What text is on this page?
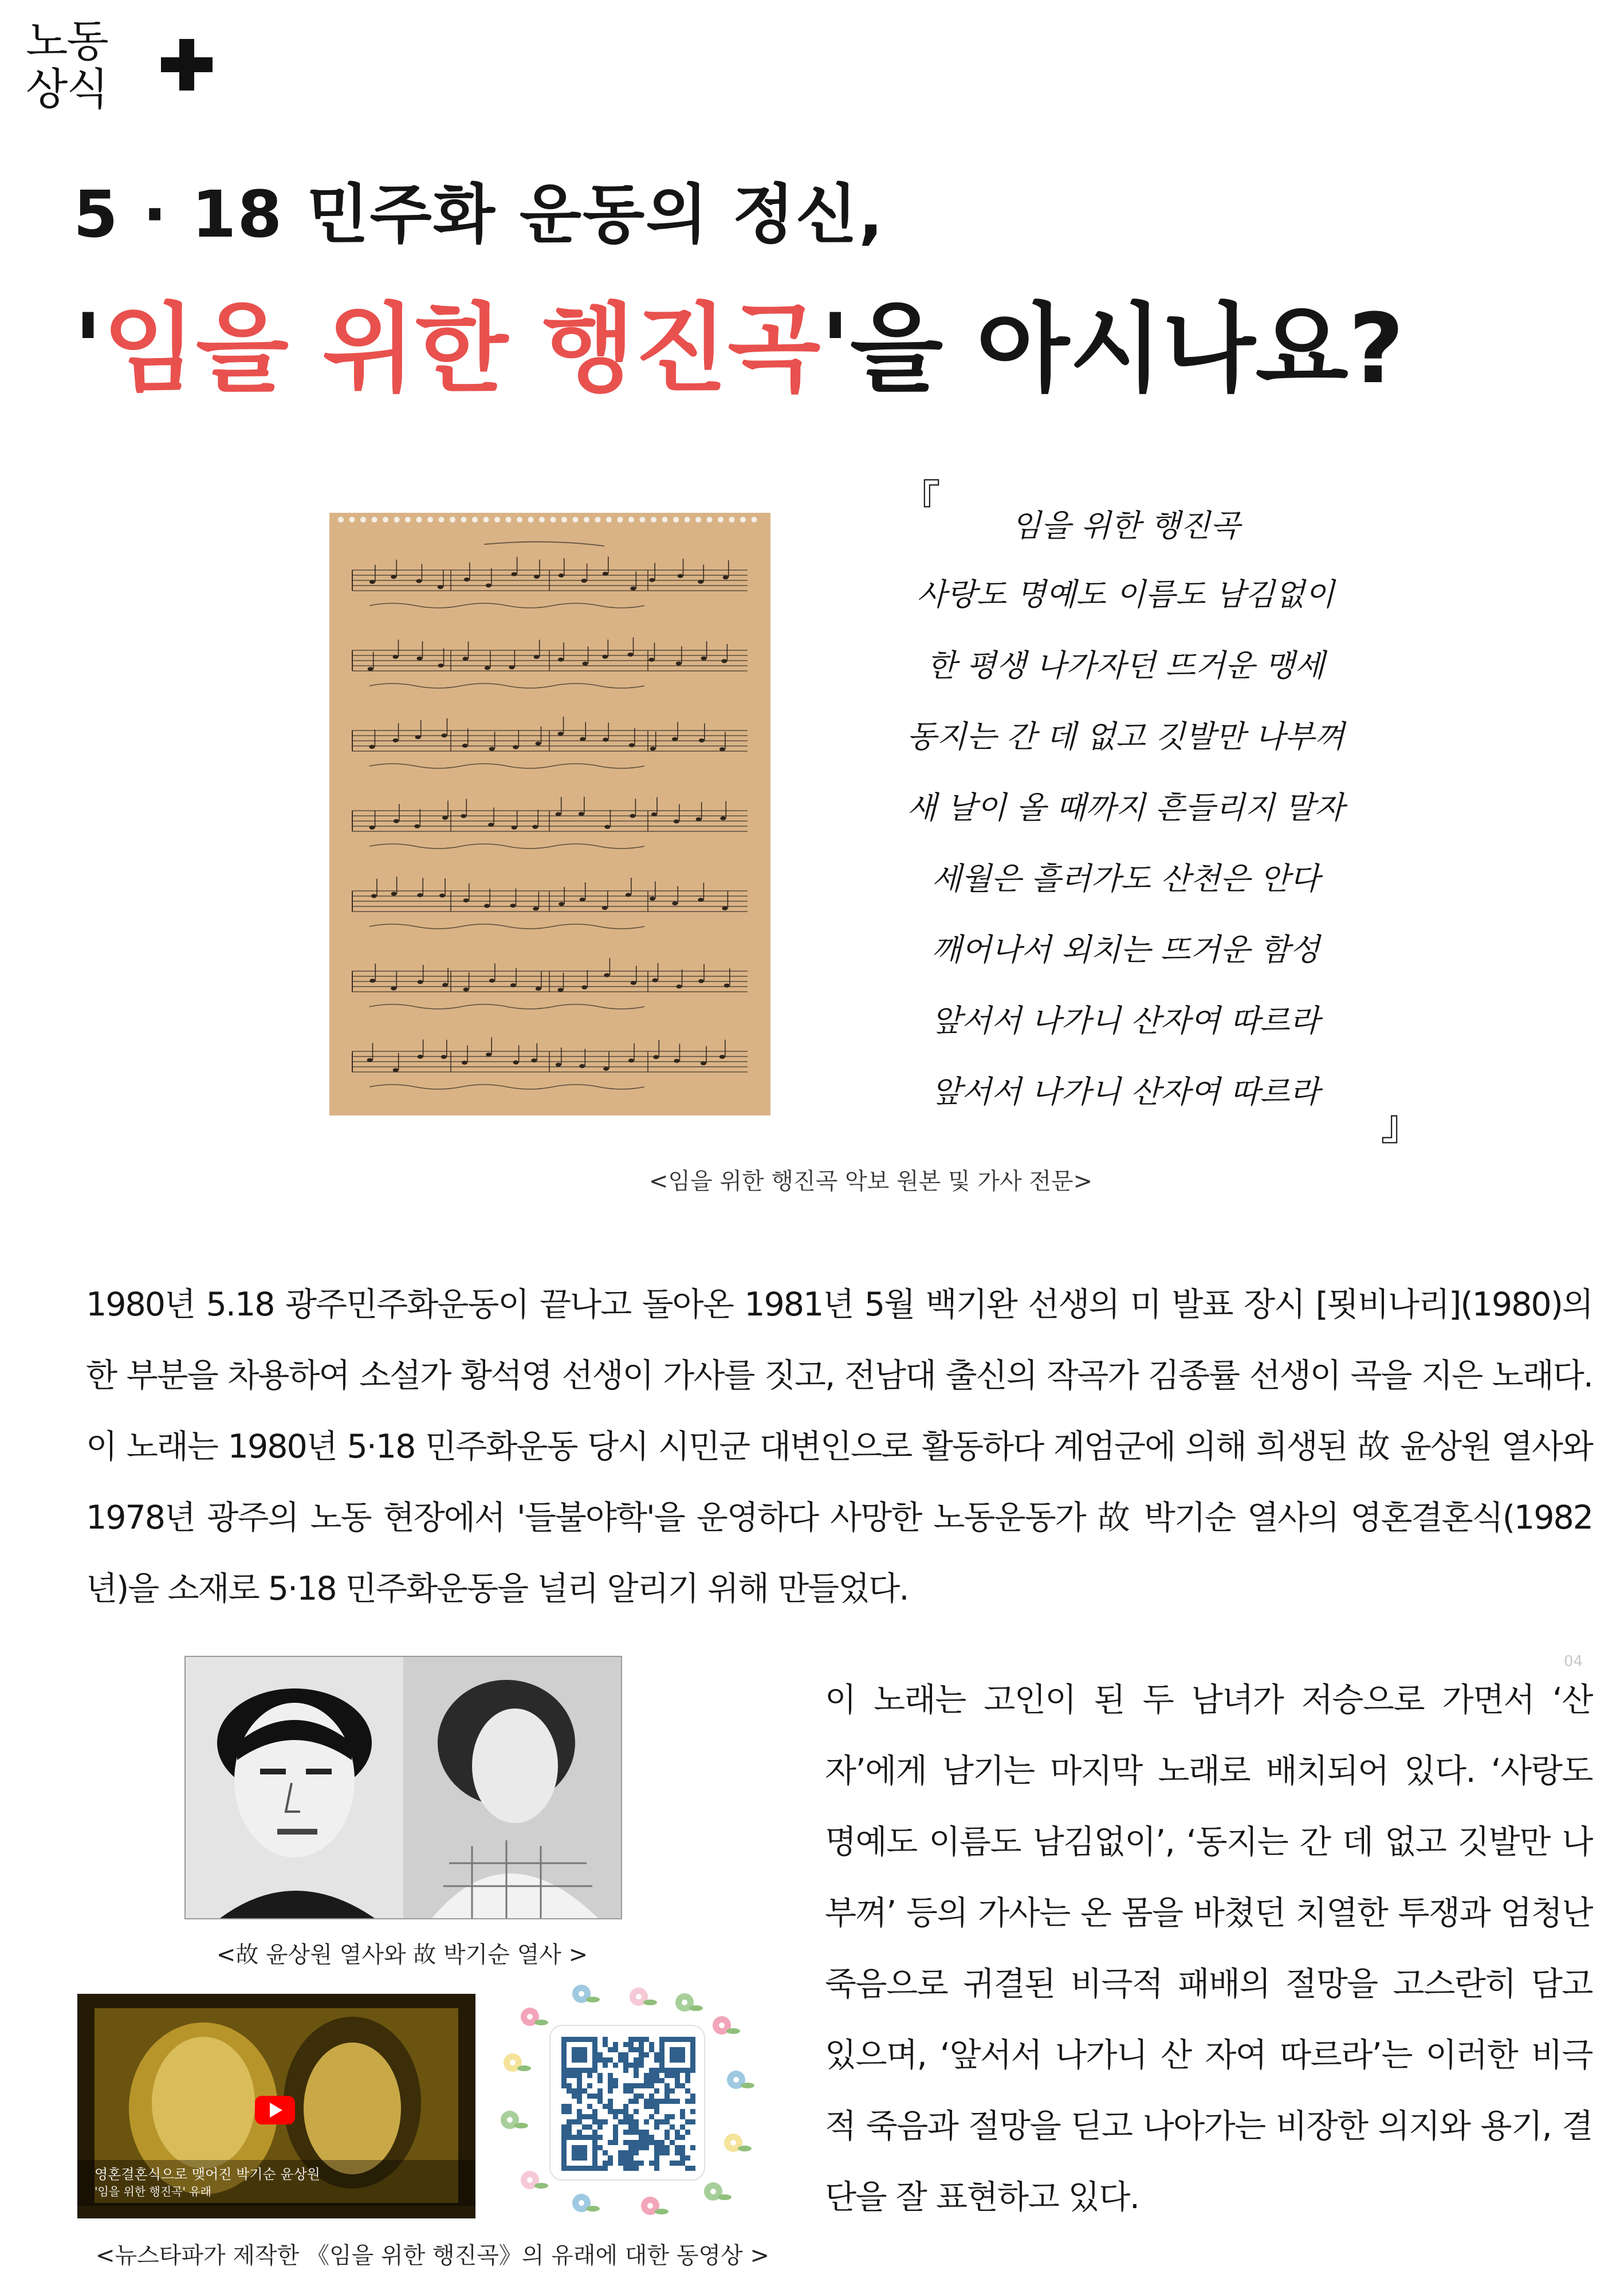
노동
상식
5 · 18 민주화 운동의 정신,
'임을 위한 행진곡'을 아시나요?
『
임을 위한 행진곡
사랑도 명예도 이름도 남김없이
한 평생 나가자던 뜨거운 맹세
동지는 간 데 없고 깃발만 나부껴
새 날이 올 때까지 흔들리지 말자
세월은 흘러가도 산천은 안다
깨어나서 외치는 뜨거운 함성
앞서서 나가니 산자여 따르라
앞서서 나가니 산자여 따르라
』
<임을 위한 행진곡 악보 원본 및 가사 전문>
1980년 5.18 광주민주화운동이 끝나고 돌아온 1981년 5월 백기완 선생의 미 발표 장시 [묏비나리](1980)의 한 부분을 차용하여 소설가 황석영 선생이 가사를 짓고, 전남대 출신의 작곡가 김종률 선생이 곡을 지은 노래다. 이 노래는 1980년 5·18 민주화운동 당시 시민군 대변인으로 활동하다 계엄군에 의해 희생된 故 윤상원 열사와 1978년 광주의 노동 현장에서 '들불야학'을 운영하다 사망한 노동운동가 故 박기순 열사의 영혼결혼식(1982년)을 소재로 5·18 민주화운동을 널리 알리기 위해 만들었다.
04
<故 윤상원 열사와 故 박기순 열사 >
이 노래는 고인이 된 두 남녀가 저승으로 가면서 ‘산자’에게 남기는 마지막 노래로 배치되어 있다. ‘사랑도 명예도 이름도 남김없이’, ‘동지는 간 데 없고 깃발만 나부껴’ 등의 가사는 온 몸을 바쳤던 치열한 투쟁과 엄청난 죽음으로 귀결된 비극적 패배의 절망을 고스란히 담고 있으며, ‘앞서서 나가니 산 자여 따르라’는 이러한 비극적 죽음과 절망을 딛고 나아가는 비장한 의지와 용기, 결단을 잘 표현하고 있다.
영혼결혼식으로 맺어진 박기순 윤상원
'임을 위한 행진곡' 유래
<뉴스타파가 제작한 《임을 위한 행진곡》의 유래에 대한 동영상 >
